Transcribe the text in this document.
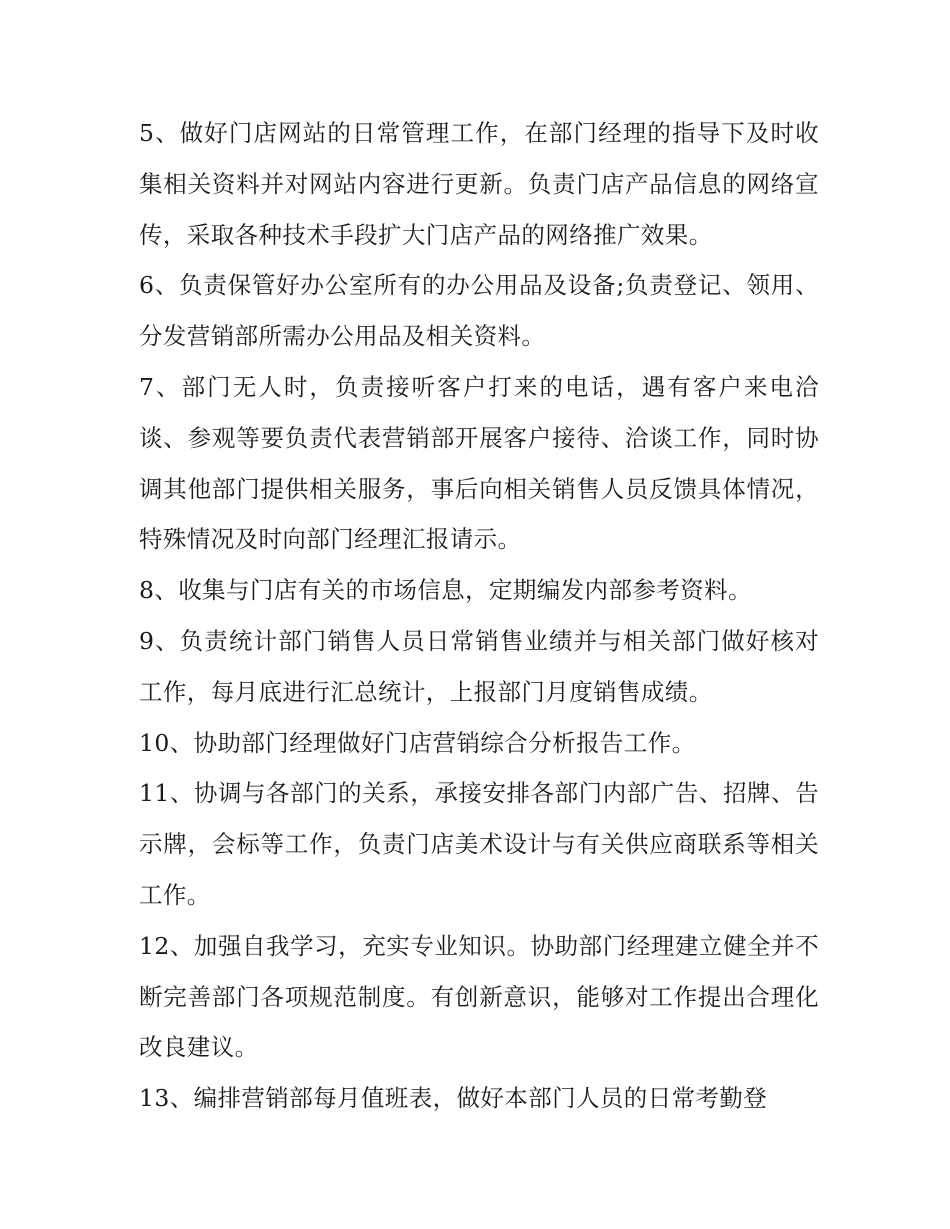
5、做好门店网站的日常管理工作，在部门经理的指导下及时收集相关资料并对网站内容进行更新。负责门店产品信息的网络宣传，采取各种技术手段扩大门店产品的网络推广效果。

6、负责保管好办公室所有的办公用品及设备;负责登记、领用、分发营销部所需办公用品及相关资料。

7、部门无人时，负责接听客户打来的电话，遇有客户来电洽谈、参观等要负责代表营销部开展客户接待、洽谈工作，同时协调其他部门提供相关服务，事后向相关销售人员反馈具体情况，特殊情况及时向部门经理汇报请示。

8、收集与门店有关的市场信息，定期编发内部参考资料。

9、负责统计部门销售人员日常销售业绩并与相关部门做好核对工作，每月底进行汇总统计，上报部门月度销售成绩。

10、协助部门经理做好门店营销综合分析报告工作。

11、协调与各部门的关系，承接安排各部门内部广告、招牌、告示牌，会标等工作，负责门店美术设计与有关供应商联系等相关工作。

12、加强自我学习，充实专业知识。协助部门经理建立健全并不断完善部门各项规范制度。有创新意识，能够对工作提出合理化改良建议。

13、编排营销部每月值班表，做好本部门人员的日常考勤登
